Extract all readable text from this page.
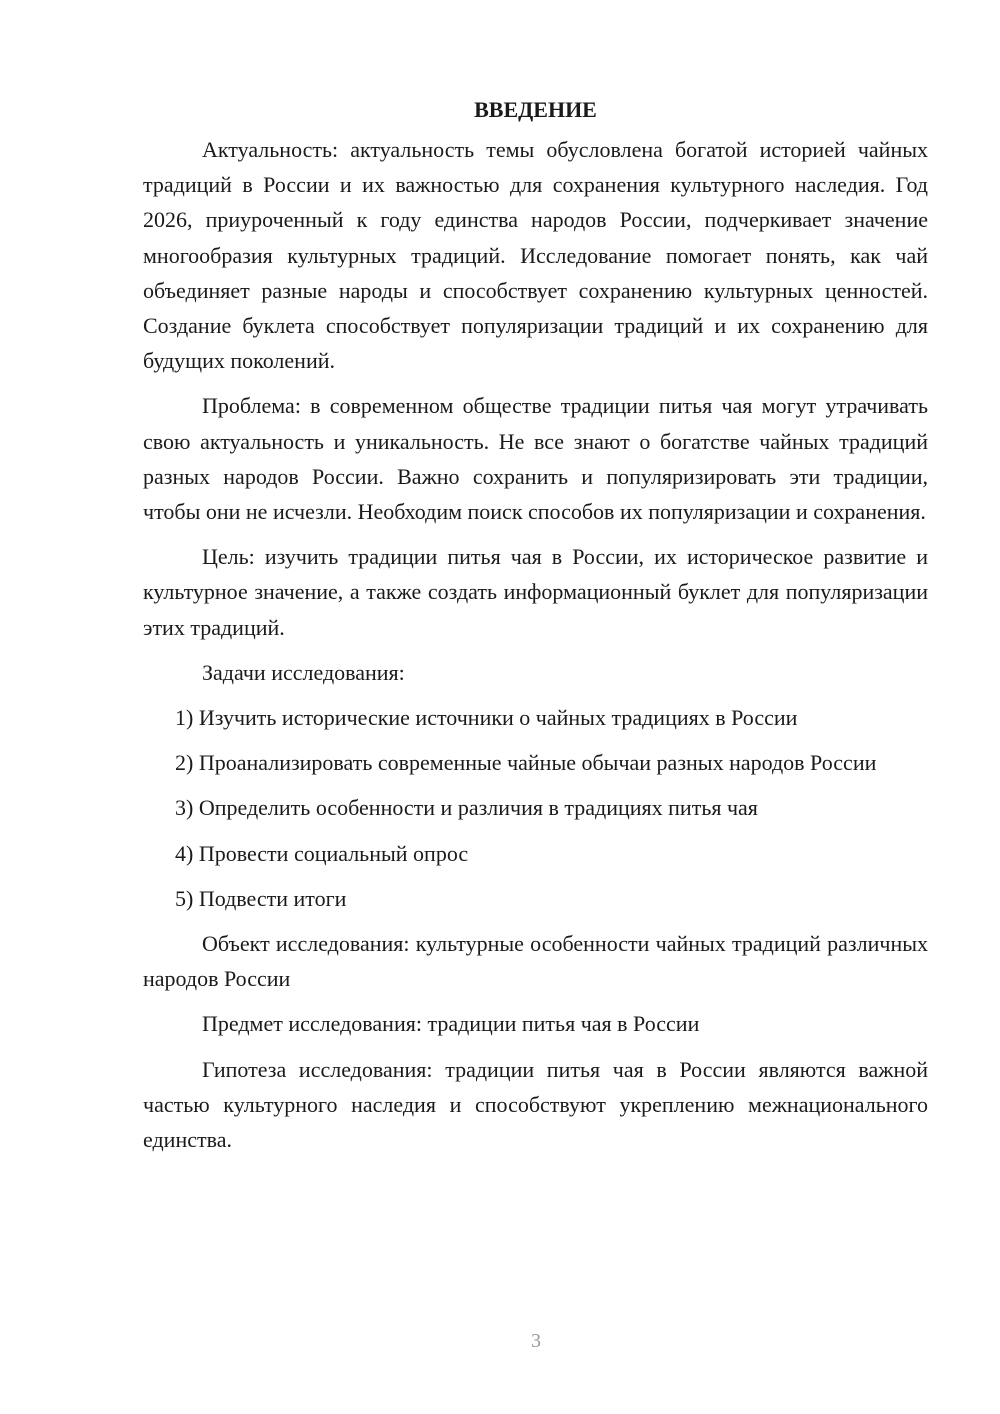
ВВЕДЕНИЕ

Актуальность: актуальность темы обусловлена богатой историей чайных традиций в России и их важностью для сохранения культурного наследия. Год 2026, приуроченный к году единства народов России, подчеркивает значение многообразия культурных традиций. Исследование помогает понять, как чай объединяет разные народы и способствует сохранению культурных ценностей. Создание буклета способствует популяризации традиций и их сохранению для будущих поколений.

Проблема: в современном обществе традиции питья чая могут утрачивать свою актуальность и уникальность. Не все знают о богатстве чайных традиций разных народов России. Важно сохранить и популяризировать эти традиции, чтобы они не исчезли. Необходим поиск способов их популяризации и сохранения.

Цель: изучить традиции питья чая в России, их историческое развитие и культурное значение, а также создать информационный буклет для популяризации этих традиций.

Задачи исследования:

1) Изучить исторические источники о чайных традициях в России

2) Проанализировать современные чайные обычаи разных народов России

3) Определить особенности и различия в традициях питья чая

4) Провести социальный опрос

5) Подвести итоги

Объект исследования: культурные особенности чайных традиций различных народов России

Предмет исследования: традиции питья чая в России

Гипотеза исследования: традиции питья чая в России являются важной частью культурного наследия и способствуют укреплению межнационального единства.

3
